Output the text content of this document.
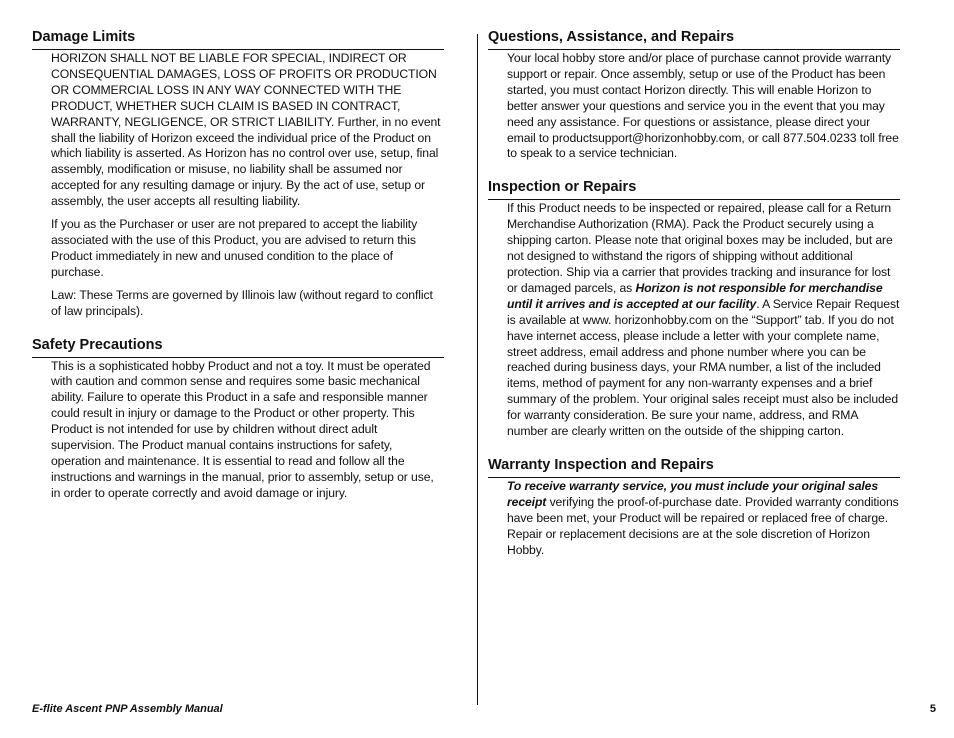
Damage Limits

HORIZON SHALL NOT BE LIABLE FOR SPECIAL, INDIRECT OR CONSEQUENTIAL DAMAGES, LOSS OF PROFITS OR PRODUCTION OR COMMERCIAL LOSS IN ANY WAY CONNECTED WITH THE PRODUCT, WHETHER SUCH CLAIM IS BASED IN CONTRACT, WARRANTY, NEGLIGENCE, OR STRICT LIABILITY. Further, in no event shall the liability of Horizon exceed the individual price of the Product on which liability is asserted. As Horizon has no control over use, setup, final assembly, modification or misuse, no liability shall be assumed nor accepted for any resulting damage or injury. By the act of use, setup or assembly, the user accepts all resulting liability.

If you as the Purchaser or user are not prepared to accept the liability associated with the use of this Product, you are advised to return this Product immediately in new and unused condition to the place of purchase.

Law: These Terms are governed by Illinois law (without regard to conflict of law principals).

Safety Precautions

This is a sophisticated hobby Product and not a toy. It must be operated with caution and common sense and requires some basic mechanical ability. Failure to operate this Product in a safe and responsible manner could result in injury or damage to the Product or other property. This Product is not intended for use by children without direct adult supervision. The Product manual contains instructions for safety, operation and maintenance. It is essential to read and follow all the instructions and warnings in the manual, prior to assembly, setup or use, in order to operate correctly and avoid damage or injury.

Questions, Assistance, and Repairs

Your local hobby store and/or place of purchase cannot provide warranty support or repair. Once assembly, setup or use of the Product has been started, you must contact Horizon directly. This will enable Horizon to better answer your questions and service you in the event that you may need any assistance. For questions or assistance, please direct your email to productsupport@horizonhobby.com, or call 877.504.0233 toll free to speak to a service technician.

Inspection or Repairs

If this Product needs to be inspected or repaired, please call for a Return Merchandise Authorization (RMA). Pack the Product securely using a shipping carton. Please note that original boxes may be included, but are not designed to withstand the rigors of shipping without additional protection. Ship via a carrier that provides tracking and insurance for lost or damaged parcels, as Horizon is not responsible for merchandise until it arrives and is accepted at our facility. A Service Repair Request is available at www. horizonhobby.com on the “Support” tab. If you do not have internet access, please include a letter with your complete name, street address, email address and phone number where you can be reached during business days, your RMA number, a list of the included items, method of payment for any non-warranty expenses and a brief summary of the problem. Your original sales receipt must also be included for warranty consideration. Be sure your name, address, and RMA number are clearly written on the outside of the shipping carton.

Warranty Inspection and Repairs

To receive warranty service, you must include your original sales receipt verifying the proof-of-purchase date. Provided warranty conditions have been met, your Product will be repaired or replaced free of charge. Repair or replacement decisions are at the sole discretion of Horizon Hobby.

E-flite Ascent PNP Assembly Manual	5
